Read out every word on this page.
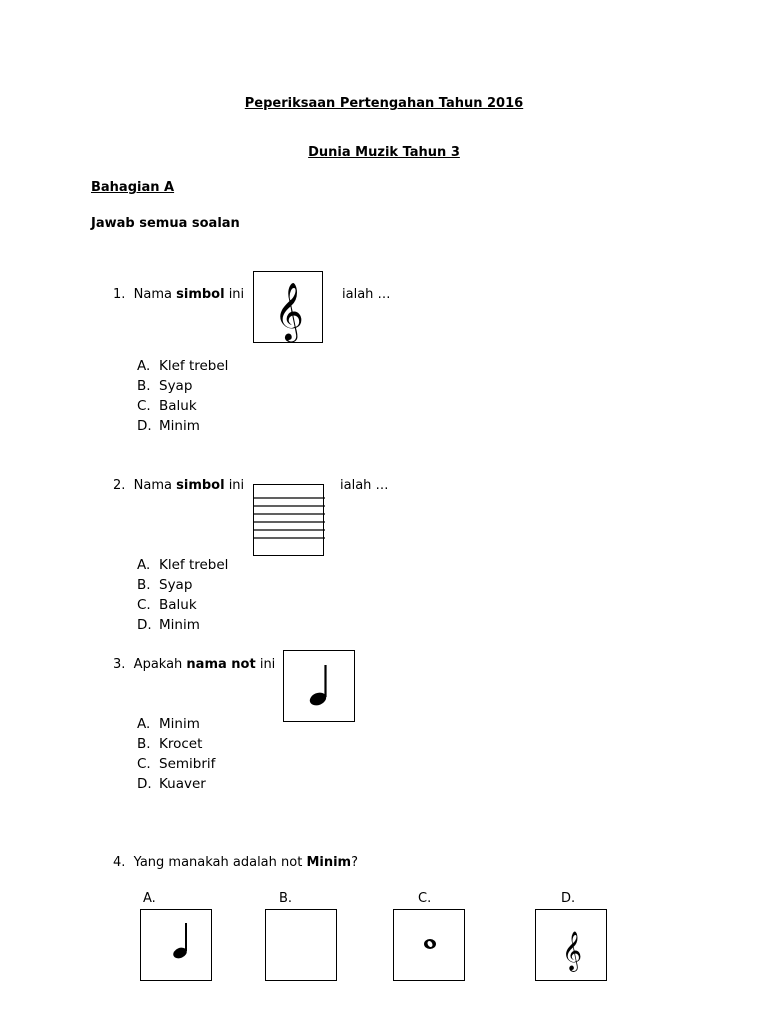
Peperiksaan Pertengahan Tahun 2016
Dunia Muzik Tahun 3
Bahagian A
Jawab semua soalan
1. Nama simbol ini	ialah …
𝄞
A. Klef trebel
B. Syap
C. Baluk
D. Minim
2. Nama simbol ini	ialah …
A. Klef trebel
B. Syap
C. Baluk
D. Minim
3. Apakah nama not ini
A. Minim
B. Krocet
C. Semibrif
D. Kuaver
4. Yang manakah adalah not Minim?
A.	B.	C.	D.
𝄞
